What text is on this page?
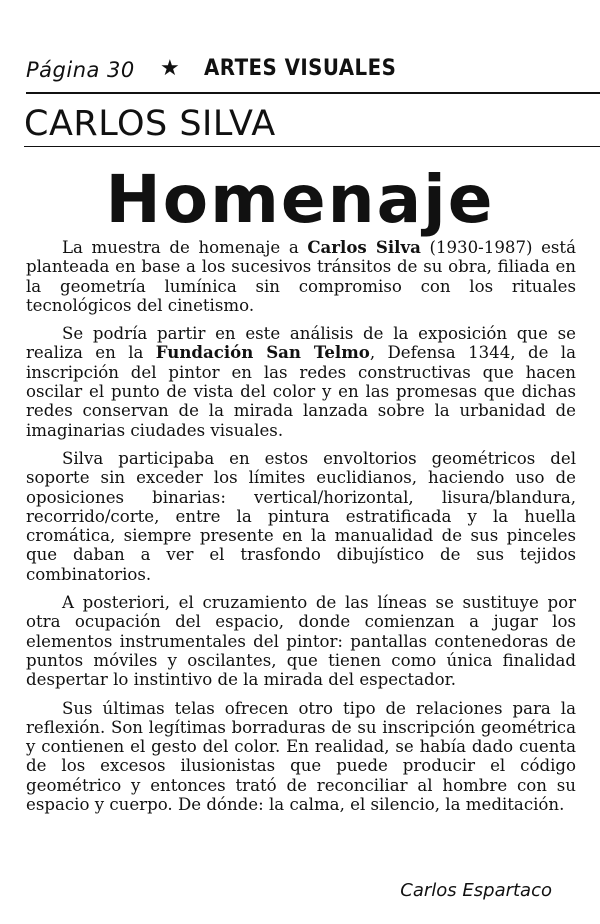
Página 30 ★ ARTES VISUALES
CARLOS SILVA
Homenaje

La muestra de homenaje a Carlos Silva (1930-1987) está planteada en base a los sucesivos tránsitos de su obra, filiada en la geometría lumínica sin compromiso con los rituales tecnológicos del cinetismo.

Se podría partir en este análisis de la exposición que se realiza en la Fundación San Telmo, Defensa 1344, de la inscripción del pintor en las redes constructivas que hacen oscilar el punto de vista del color y en las promesas que dichas redes conservan de la mirada lanzada sobre la urbanidad de imaginarias ciudades visuales.

Silva participaba en estos envoltorios geométricos del soporte sin exceder los límites euclidianos, haciendo uso de oposiciones binarias: vertical/horizontal, lisura/blandura, recorrido/corte, entre la pintura estratificada y la huella cromática, siempre presente en la manualidad de sus pinceles que daban a ver el trasfondo dibujístico de sus tejidos combinatorios.

A posteriori, el cruzamiento de las líneas se sustituye por otra ocupación del espacio, donde comienzan a jugar los elementos instrumentales del pintor: pantallas contenedoras de puntos móviles y oscilantes, que tienen como única finalidad despertar lo instintivo de la mirada del espectador.

Sus últimas telas ofrecen otro tipo de relaciones para la reflexión. Son legítimas borraduras de su inscripción geométrica y contienen el gesto del color. En realidad, se había dado cuenta de los excesos ilusionistas que puede producir el código geométrico y entonces trató de reconciliar al hombre con su espacio y cuerpo. De dónde: la calma, el silencio, la meditación.

Carlos Espartaco
